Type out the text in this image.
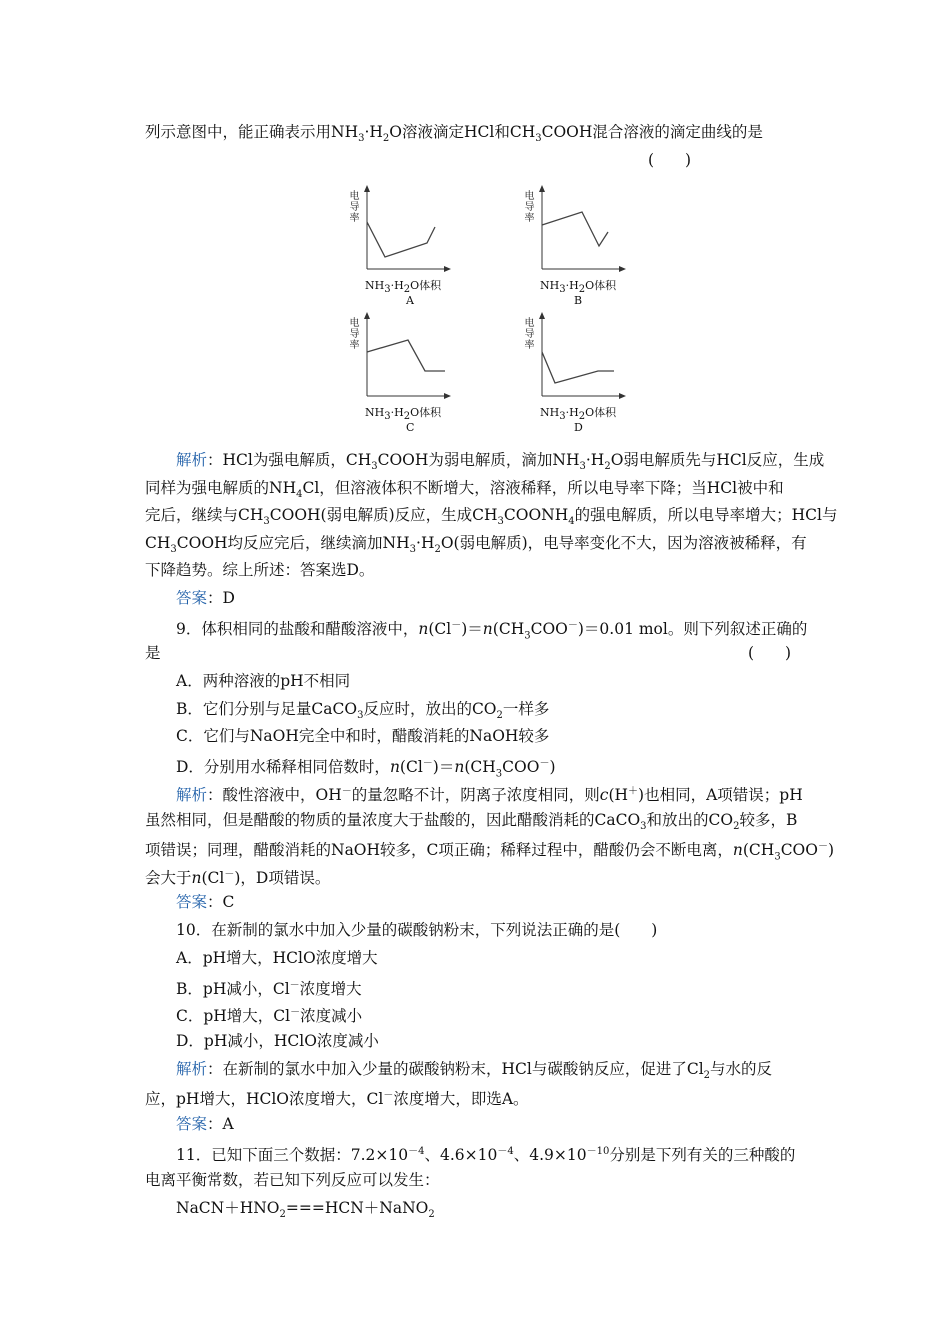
列示意图中，能正确表示用$NH_3\cdot H_2O$溶液滴定HCl和$CH_3COOH$混合溶液的滴定曲线的是
(　　)
电导率
$NH_3\cdot H_2O$体积
A
电导率
$NH_3\cdot H_2O$体积
B
电导率
$NH_3\cdot H_2O$体积
C
电导率
$NH_3\cdot H_2O$体积
D
解析：HCl为强电解质，$CH_3COOH$为弱电解质，滴加$NH_3\cdot H_2O$弱电解质先与HCl反应，生成
同样为强电解质的$NH_4Cl$，但溶液体积不断增大，溶液稀释，所以电导率下降；当HCl被中和
完后，继续与$CH_3COOH$(弱电解质)反应，生成$CH_3COONH_4$的强电解质，所以电导率增大；HCl与
$CH_3COOH$均反应完后，继续滴加$NH_3\cdot H_2O$(弱电解质)，电导率变化不大，因为溶液被稀释，有
下降趋势。综上所述：答案选D。
答案：D
9．体积相同的盐酸和醋酸溶液中，$n(Cl^-)=n(CH_3COO^-)=0.01$ mol。则下列叙述正确的
是	(　　)
A．两种溶液的pH不相同
B．它们分别与足量CaCO$_3$反应时，放出的$CO_2$一样多
C．它们与NaOH完全中和时，醋酸消耗的NaOH较多
D．分别用水稀释相同倍数时，$n(Cl^-)=n(CH_3COO^-)$
解析：酸性溶液中，OH－的量忽略不计，阴离子浓度相同，则c(H＋)也相同，A项错误；pH
虽然相同，但是醋酸的物质的量浓度大于盐酸的，因此醋酸消耗的CaCO$_3$和放出的$CO_2$较多，B
项错误；同理，醋酸消耗的NaOH较多，C项正确；稀释过程中，醋酸仍会不断电离，$n(CH_3COO^-)$
会大于n(Cl－)，D项错误。
答案：C
10．在新制的氯水中加入少量的碳酸钠粉末，下列说法正确的是(　　)
A．pH增大，HClO浓度增大
B．pH减小，Cl－浓度增大
C．pH增大，Cl－浓度减小
D．pH减小，HClO浓度减小
解析：在新制的氯水中加入少量的碳酸钠粉末，HCl与碳酸钠反应，促进了$Cl_2$与水的反
应，pH增大，HClO浓度增大，Cl－浓度增大，即选A。
答案：A
11．已知下面三个数据：$7.2\times 10^{-4}$、$4.6\times 10^{-4}$、$4.9\times 10^{-10}$分别是下列有关的三种酸的
电离平衡常数，若已知下列反应可以发生：
$NaCN+HNO_2===HCN+NaNO_2$
